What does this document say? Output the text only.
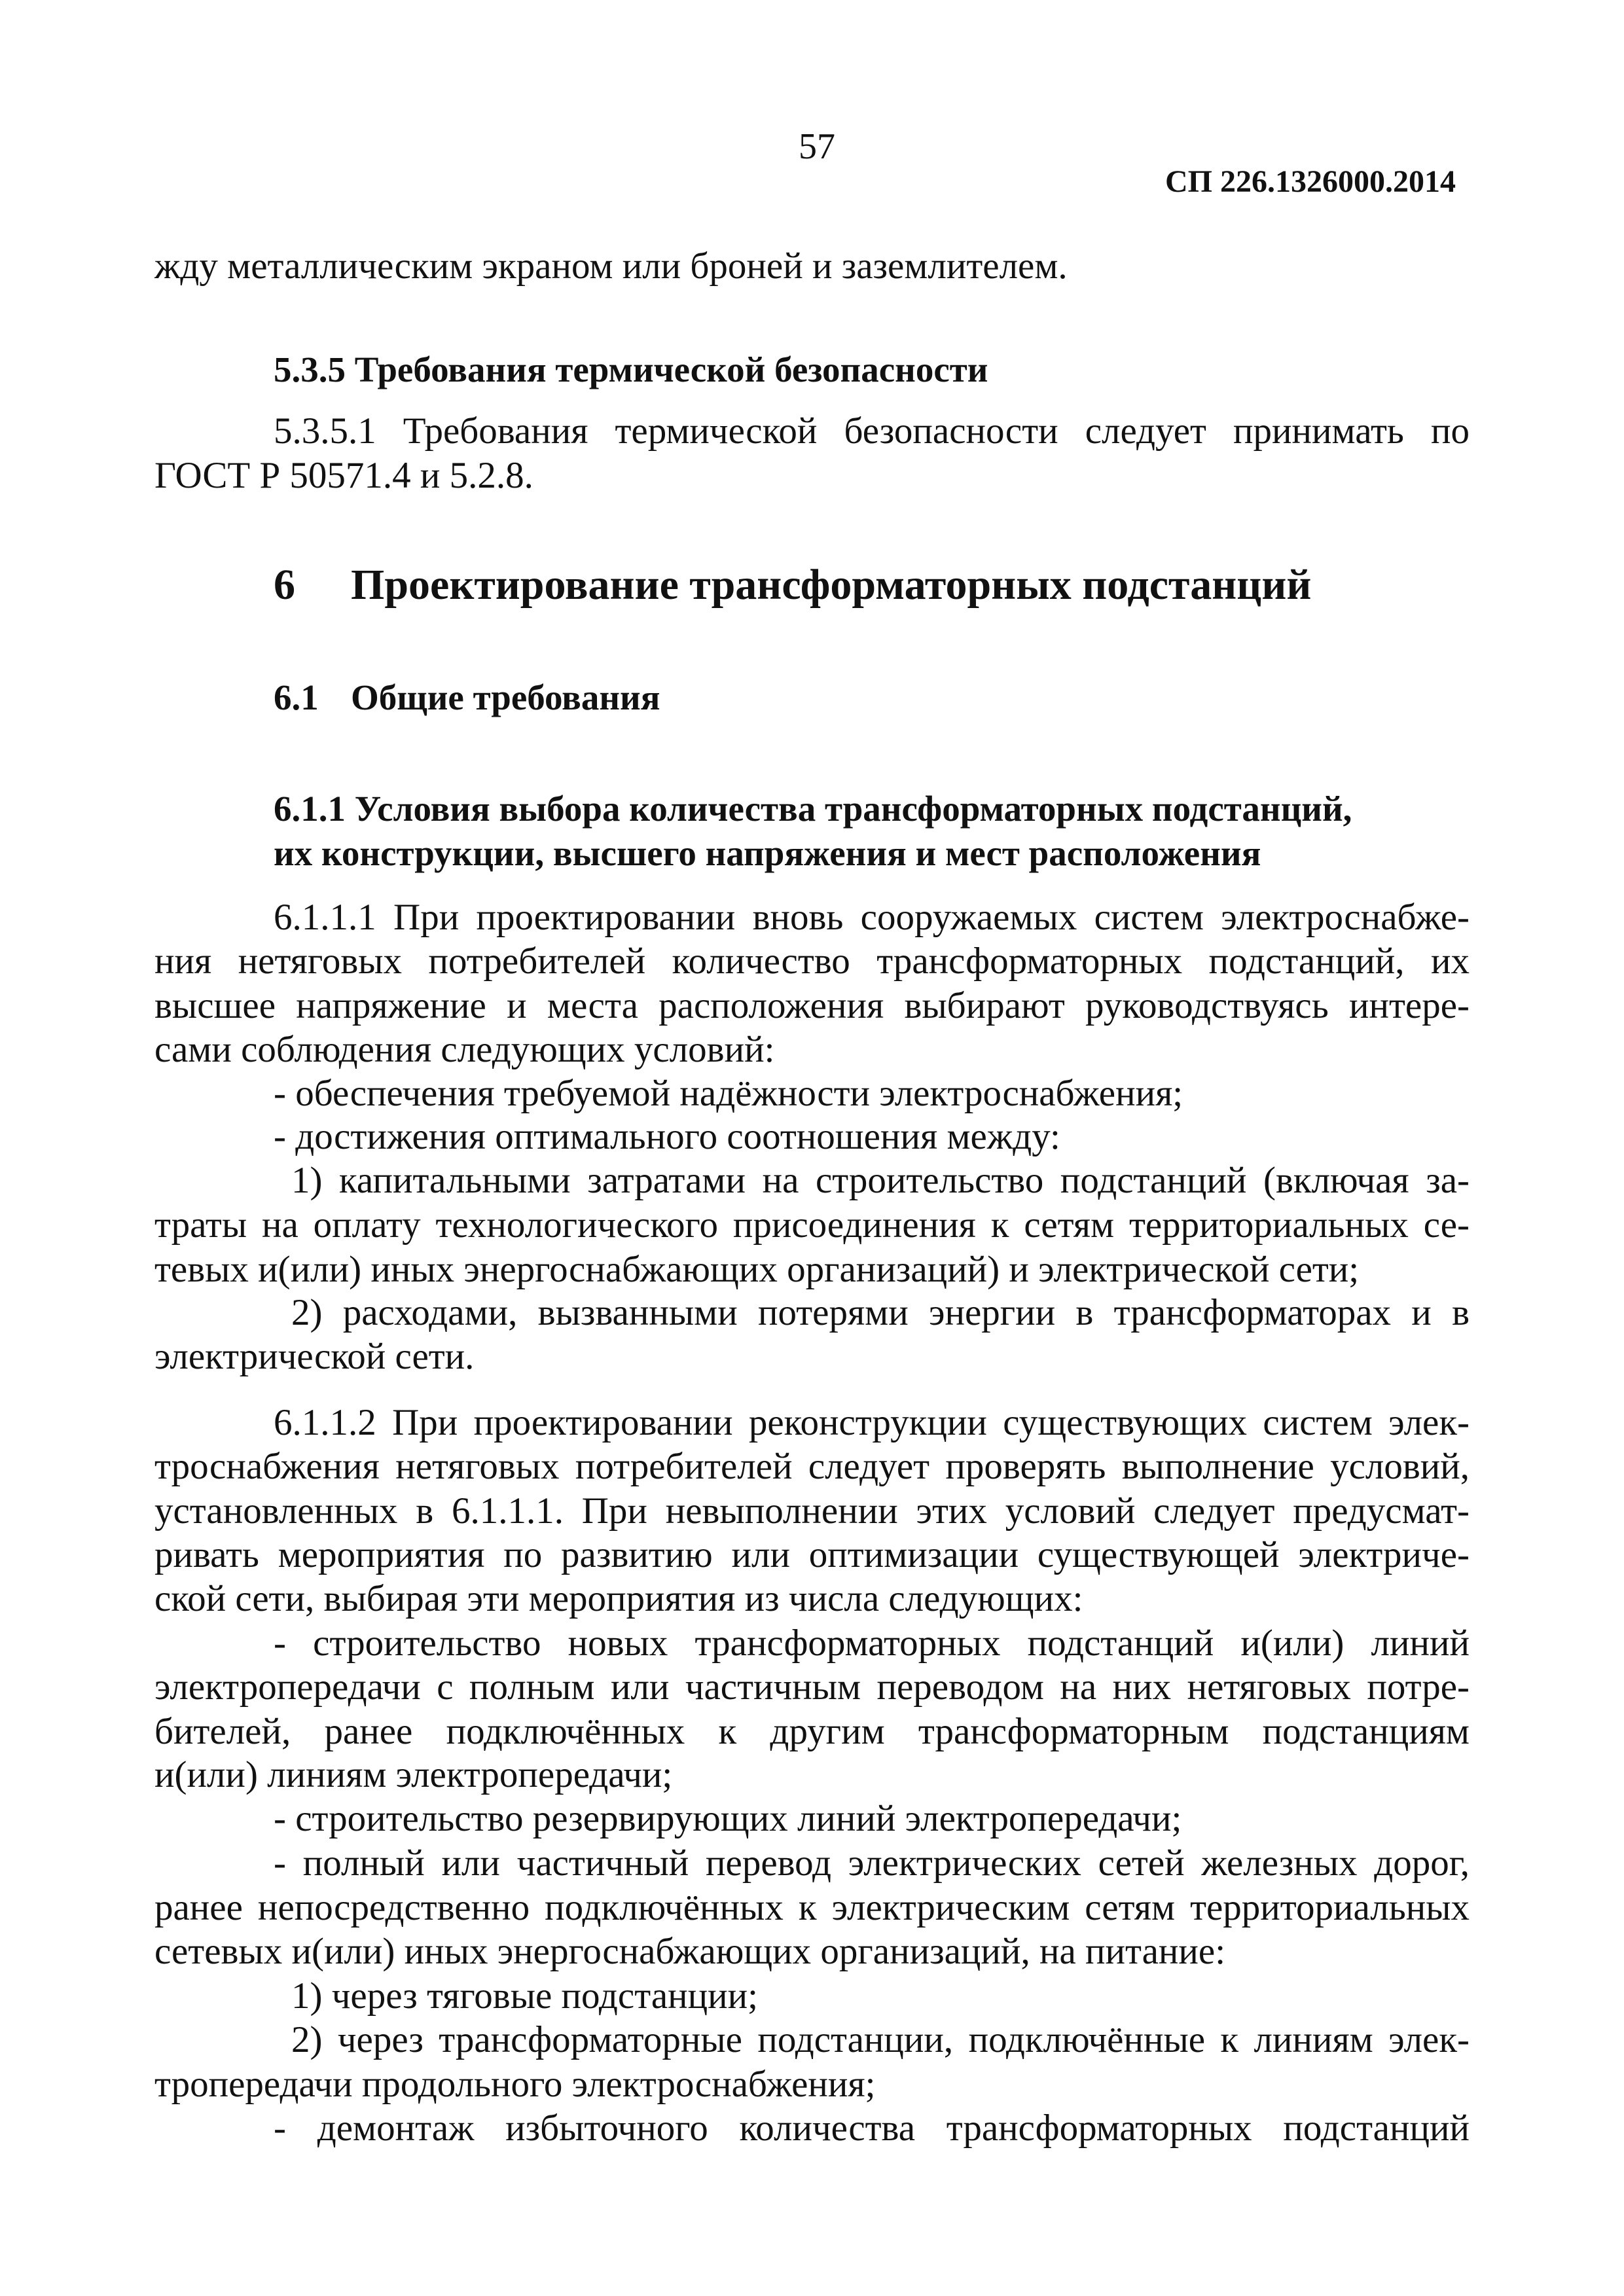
57
СП 226.1326000.2014
жду металлическим экраном или броней и заземлителем.
5.3.5 Требования термической безопасности
5.3.5.1 Требования термической безопасности следует принимать по
ГОСТ Р 50571.4 и 5.2.8.
6 Проектирование трансформаторных подстанций
6.1 Общие требования
6.1.1 Условия выбора количества трансформаторных подстанций,
их конструкции, высшего напряжения и мест расположения
6.1.1.1 При проектировании вновь сооружаемых систем электроснабже-
ния нетяговых потребителей количество трансформаторных подстанций, их
высшее напряжение и места расположения выбирают руководствуясь интере-
сами соблюдения следующих условий:
- обеспечения требуемой надёжности электроснабжения;
- достижения оптимального соотношения между:
1) капитальными затратами на строительство подстанций (включая за-
траты на оплату технологического присоединения к сетям территориальных се-
тевых и(или) иных энергоснабжающих организаций) и электрической сети;
2) расходами, вызванными потерями энергии в трансформаторах и в
электрической сети.
6.1.1.2 При проектировании реконструкции существующих систем элек-
троснабжения нетяговых потребителей следует проверять выполнение условий,
установленных в 6.1.1.1. При невыполнении этих условий следует предусмат-
ривать мероприятия по развитию или оптимизации существующей электриче-
ской сети, выбирая эти мероприятия из числа следующих:
- строительство новых трансформаторных подстанций и(или) линий
электропередачи с полным или частичным переводом на них нетяговых потре-
бителей, ранее подключённых к другим трансформаторным подстанциям
и(или) линиям электропередачи;
- строительство резервирующих линий электропередачи;
- полный или частичный перевод электрических сетей железных дорог,
ранее непосредственно подключённых к электрическим сетям территориальных
сетевых и(или) иных энергоснабжающих организаций, на питание:
1) через тяговые подстанции;
2) через трансформаторные подстанции, подключённые к линиям элек-
тропередачи продольного электроснабжения;
- демонтаж избыточного количества трансформаторных подстанций
